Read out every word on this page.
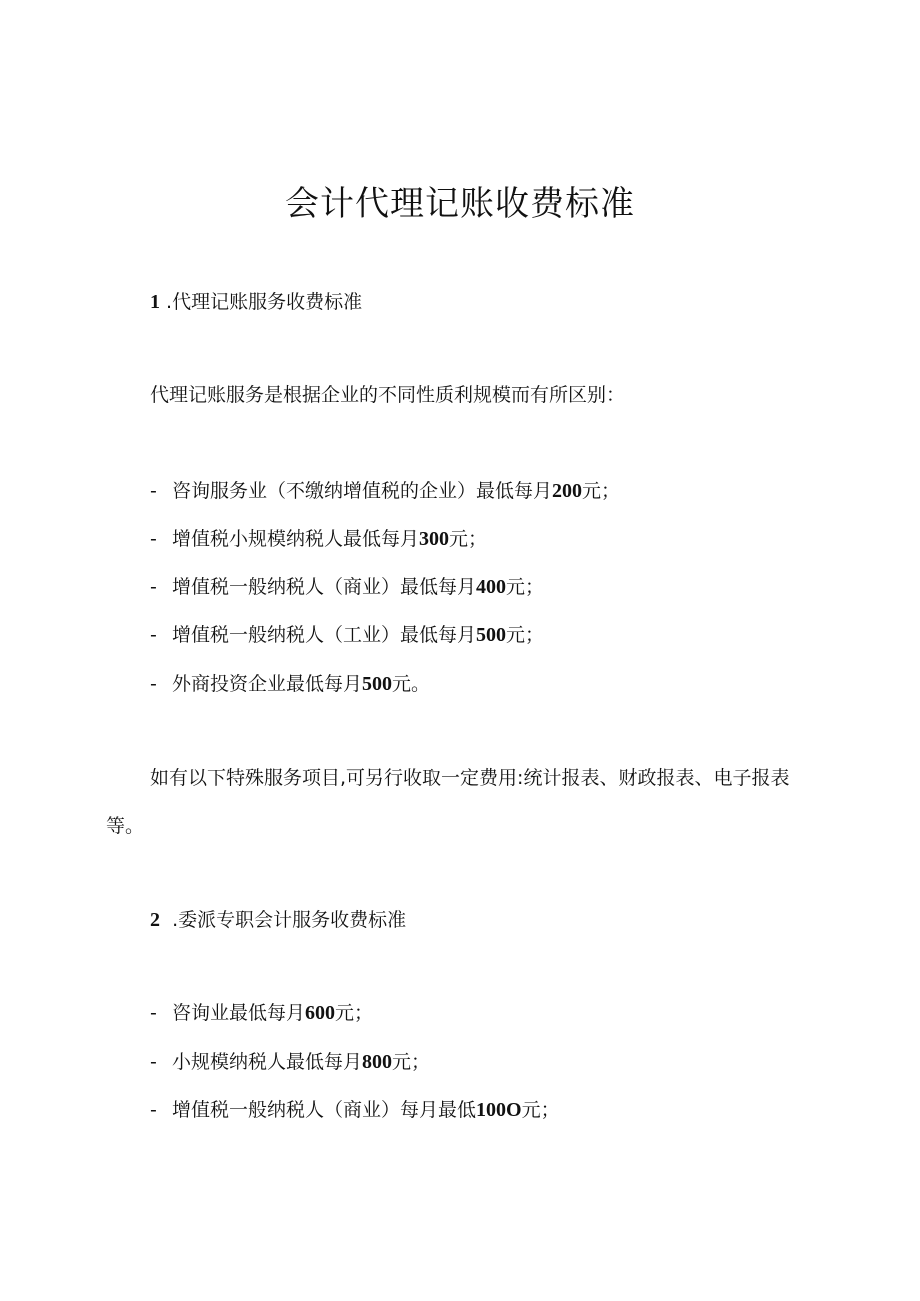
会计代理记账收费标准
1 .代理记账服务收费标准
代理记账服务是根据企业的不同性质利规模而有所区别：
- 咨询服务业（不缴纳增值税的企业）最低每月200元；
- 增值税小规模纳税人最低每月300元；
- 增值税一般纳税人（商业）最低每月400元；
- 增值税一般纳税人（工业）最低每月500元；
- 外商投资企业最低每月500元。
如有以下特殊服务项目,可另行收取一定费用:统计报表、财政报表、电子报表等。
2 .委派专职会计服务收费标准
- 咨询业最低每月600元；
- 小规模纳税人最低每月800元；
- 增值税一般纳税人（商业）每月最低100O元；
